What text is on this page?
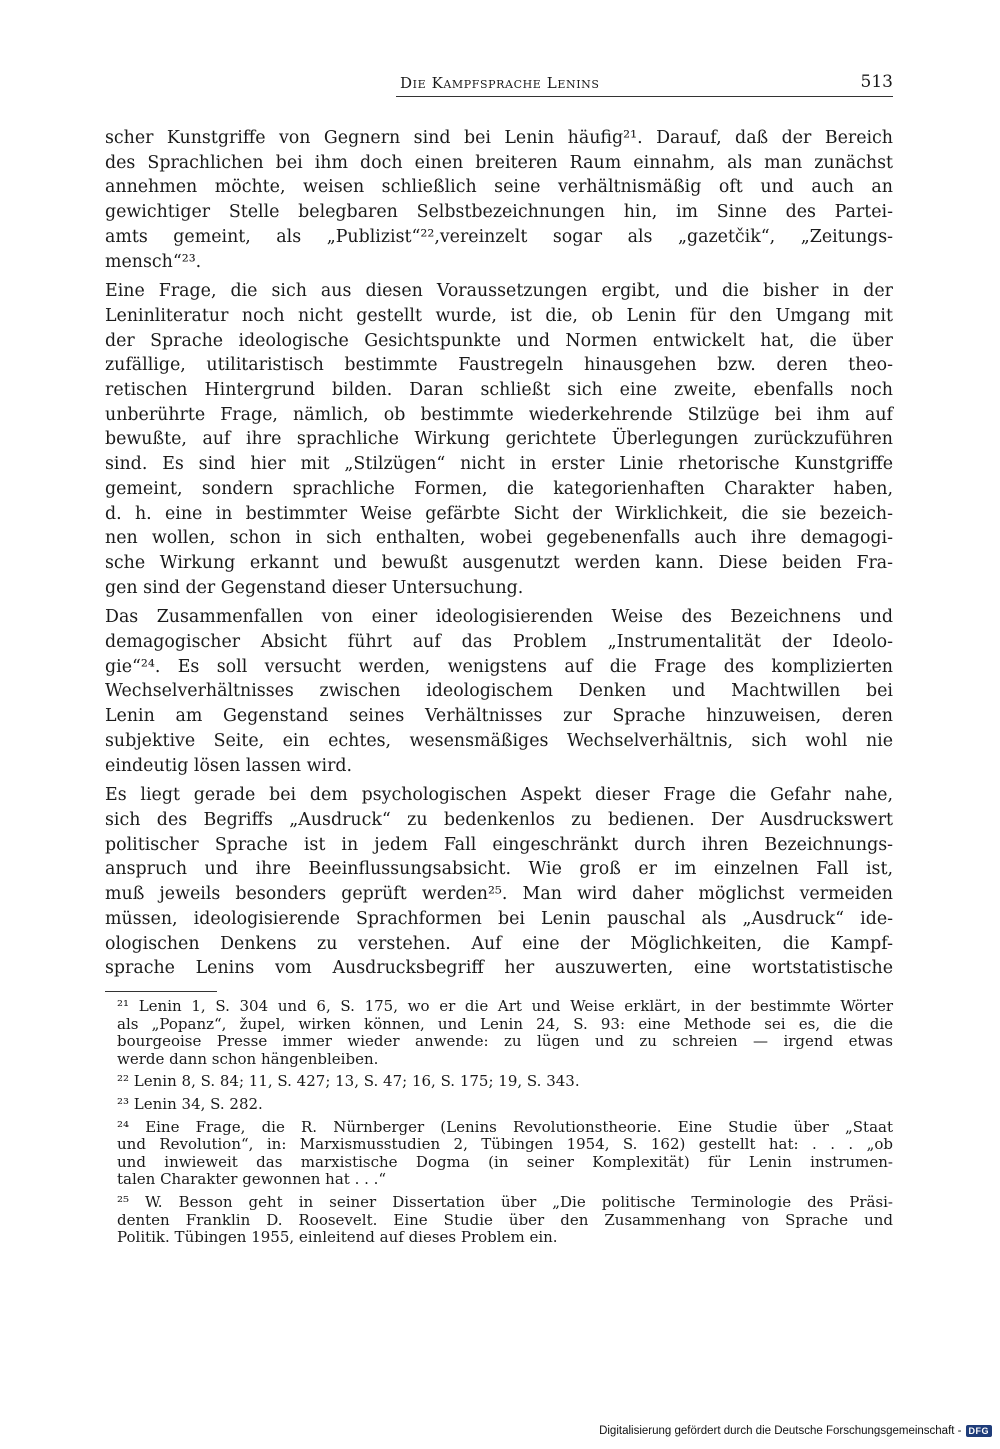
Die Kampfsprache Lenins	513
scher Kunstgriffe von Gegnern sind bei Lenin häufig²¹. Darauf, daß der Bereich
des Sprachlichen bei ihm doch einen breiteren Raum einnahm, als man zunächst
annehmen möchte, weisen schließlich seine verhältnismäßig oft und auch an
gewichtiger Stelle belegbaren Selbstbezeichnungen hin, im Sinne des Partei-
amts gemeint, als „Publizist“²²,vereinzelt sogar als „gazetčik“, „Zeitungs-
mensch“²³.
Eine Frage, die sich aus diesen Voraussetzungen ergibt, und die bisher in der
Leninliteratur noch nicht gestellt wurde, ist die, ob Lenin für den Umgang mit
der Sprache ideologische Gesichtspunkte und Normen entwickelt hat, die über
zufällige, utilitaristisch bestimmte Faustregeln hinausgehen bzw. deren theo-
retischen Hintergrund bilden. Daran schließt sich eine zweite, ebenfalls noch
unberührte Frage, nämlich, ob bestimmte wiederkehrende Stilzüge bei ihm auf
bewußte, auf ihre sprachliche Wirkung gerichtete Überlegungen zurückzuführen
sind. Es sind hier mit „Stilzügen“ nicht in erster Linie rhetorische Kunstgriffe
gemeint, sondern sprachliche Formen, die kategorienhaften Charakter haben,
d. h. eine in bestimmter Weise gefärbte Sicht der Wirklichkeit, die sie bezeich-
nen wollen, schon in sich enthalten, wobei gegebenenfalls auch ihre demagogi-
sche Wirkung erkannt und bewußt ausgenutzt werden kann. Diese beiden Fra-
gen sind der Gegenstand dieser Untersuchung.
Das Zusammenfallen von einer ideologisierenden Weise des Bezeichnens und
demagogischer Absicht führt auf das Problem „Instrumentalität der Ideolo-
gie“²⁴. Es soll versucht werden, wenigstens auf die Frage des komplizierten
Wechselverhältnisses zwischen ideologischem Denken und Machtwillen bei
Lenin am Gegenstand seines Verhältnisses zur Sprache hinzuweisen, deren
subjektive Seite, ein echtes, wesensmäßiges Wechselverhältnis, sich wohl nie
eindeutig lösen lassen wird.
Es liegt gerade bei dem psychologischen Aspekt dieser Frage die Gefahr nahe,
sich des Begriffs „Ausdruck“ zu bedenkenlos zu bedienen. Der Ausdruckswert
politischer Sprache ist in jedem Fall eingeschränkt durch ihren Bezeichnungs-
anspruch und ihre Beeinflussungsabsicht. Wie groß er im einzelnen Fall ist,
muß jeweils besonders geprüft werden²⁵. Man wird daher möglichst vermeiden
müssen, ideologisierende Sprachformen bei Lenin pauschal als „Ausdruck“ ide-
ologischen Denkens zu verstehen. Auf eine der Möglichkeiten, die Kampf-
sprache Lenins vom Ausdrucksbegriff her auszuwerten, eine wortstatistische
²¹ Lenin 1, S. 304 und 6, S. 175, wo er die Art und Weise erklärt, in der bestimmte Wörter
als „Popanz“, župel, wirken können, und Lenin 24, S. 93: eine Methode sei es, die die
bourgeoise Presse immer wieder anwende: zu lügen und zu schreien — irgend etwas
werde dann schon hängenbleiben.
²² Lenin 8, S. 84; 11, S. 427; 13, S. 47; 16, S. 175; 19, S. 343.
²³ Lenin 34, S. 282.
²⁴ Eine Frage, die R. Nürnberger (Lenins Revolutionstheorie. Eine Studie über „Staat
und Revolution“, in: Marxismusstudien 2, Tübingen 1954, S. 162) gestellt hat: . . . „ob
und inwieweit das marxistische Dogma (in seiner Komplexität) für Lenin instrumen-
talen Charakter gewonnen hat . . .“
²⁵ W. Besson geht in seiner Dissertation über „Die politische Terminologie des Präsi-
denten Franklin D. Roosevelt. Eine Studie über den Zusammenhang von Sprache und
Politik. Tübingen 1955, einleitend auf dieses Problem ein.
Digitalisierung gefördert durch die Deutsche Forschungsgemeinschaft - DFG
